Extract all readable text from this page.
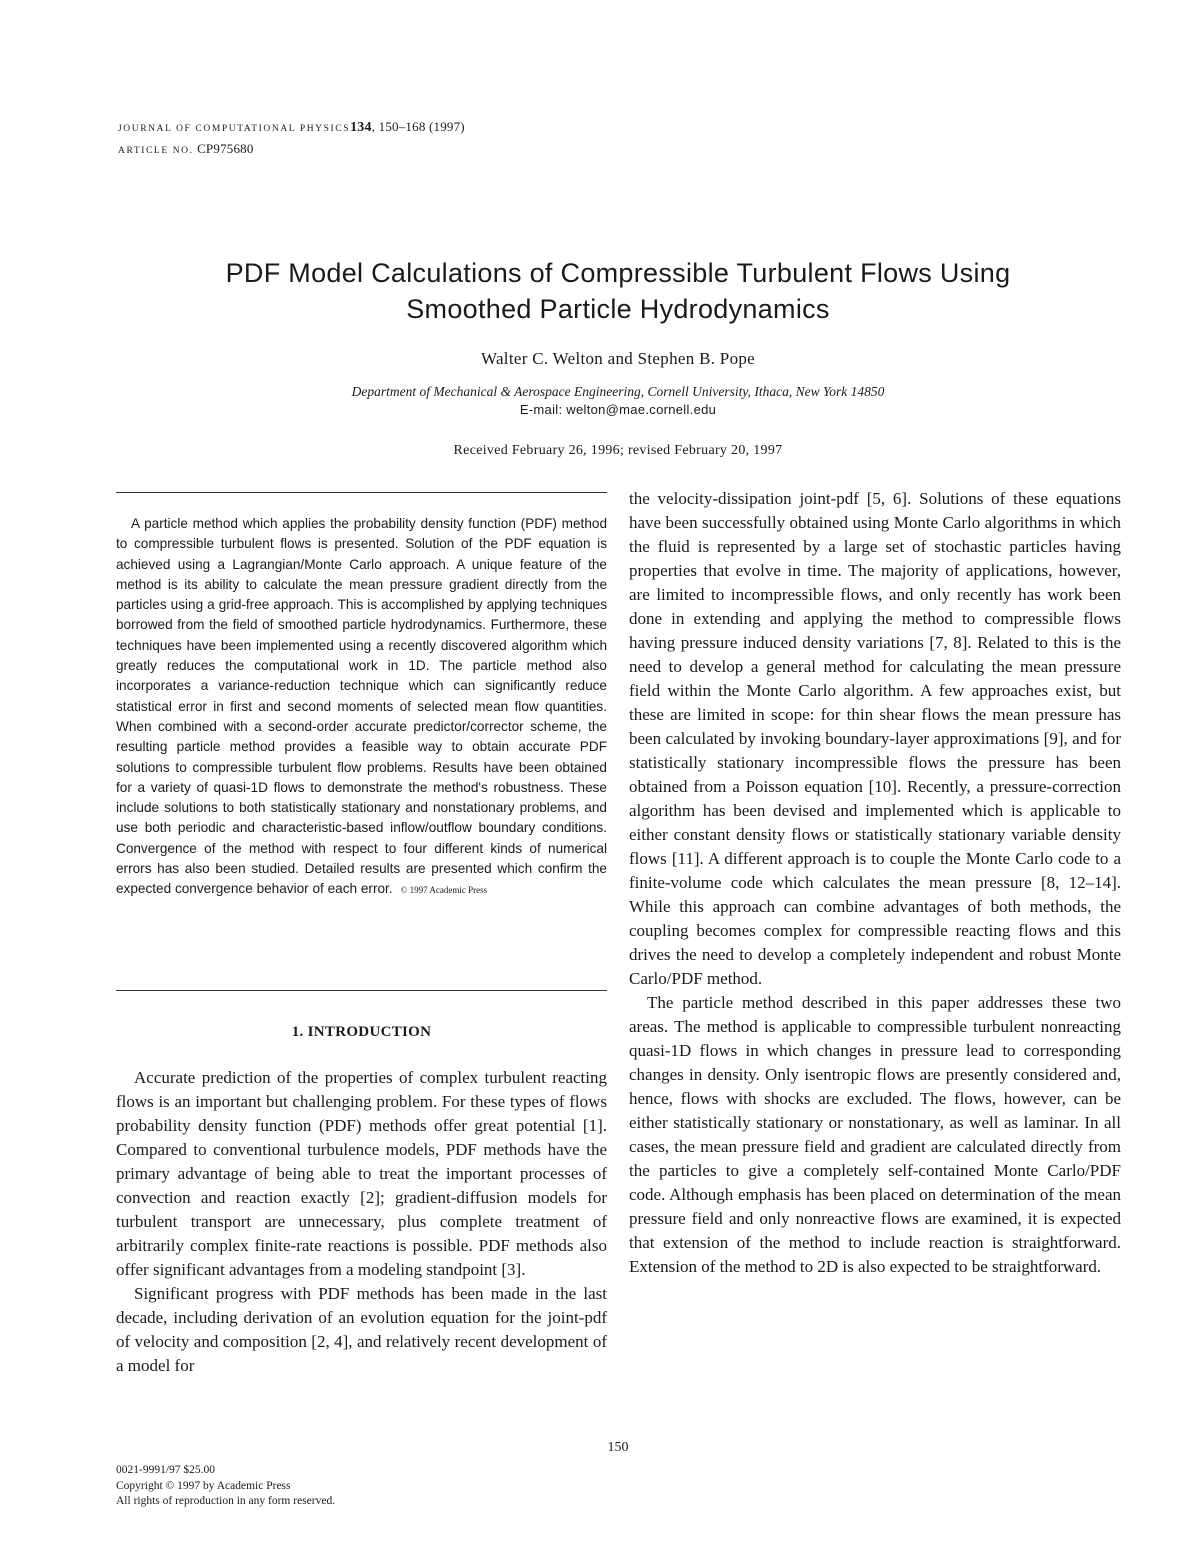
JOURNAL OF COMPUTATIONAL PHYSICS134, 150–168 (1997)
ARTICLE NO. CP975680
PDF Model Calculations of Compressible Turbulent Flows Using
Smoothed Particle Hydrodynamics
Walter C. Welton and Stephen B. Pope
Department of Mechanical & Aerospace Engineering, Cornell University, Ithaca, New York 14850
E-mail: welton@mae.cornell.edu
Received February 26, 1996; revised February 20, 1997

A particle method which applies the probability density function (PDF) method to compressible turbulent flows is presented. Solution of the PDF equation is achieved using a Lagrangian/Monte Carlo approach. A unique feature of the method is its ability to calculate the mean pressure gradient directly from the particles using a grid-free approach. This is accomplished by applying techniques borrowed from the field of smoothed particle hydrodynamics. Furthermore, these techniques have been implemented using a recently discovered algorithm which greatly reduces the computational work in 1D. The particle method also incorporates a variance-reduction technique which can significantly reduce statistical error in first and second moments of selected mean flow quantities. When combined with a second-order accurate predictor/corrector scheme, the resulting particle method provides a feasible way to obtain accurate PDF solutions to compressible turbulent flow problems. Results have been obtained for a variety of quasi-1D flows to demonstrate the method's robustness. These include solutions to both statistically stationary and nonstationary problems, and use both periodic and characteristic-based inflow/outflow boundary conditions. Convergence of the method with respect to four different kinds of numerical errors has also been studied. Detailed results are presented which confirm the expected convergence behavior of each error. © 1997 Academic Press

1. INTRODUCTION

Accurate prediction of the properties of complex turbulent reacting flows is an important but challenging problem. For these types of flows probability density function (PDF) methods offer great potential [1]. Compared to conventional turbulence models, PDF methods have the primary advantage of being able to treat the important processes of convection and reaction exactly [2]; gradient-diffusion models for turbulent transport are unnecessary, plus complete treatment of arbitrarily complex finite-rate reactions is possible. PDF methods also offer significant advantages from a modeling standpoint [3].

Significant progress with PDF methods has been made in the last decade, including derivation of an evolution equation for the joint-pdf of velocity and composition [2, 4], and relatively recent development of a model for

the velocity-dissipation joint-pdf [5, 6]. Solutions of these equations have been successfully obtained using Monte Carlo algorithms in which the fluid is represented by a large set of stochastic particles having properties that evolve in time. The majority of applications, however, are limited to incompressible flows, and only recently has work been done in extending and applying the method to compressible flows having pressure induced density variations [7, 8]. Related to this is the need to develop a general method for calculating the mean pressure field within the Monte Carlo algorithm. A few approaches exist, but these are limited in scope: for thin shear flows the mean pressure has been calculated by invoking boundary-layer approximations [9], and for statistically stationary incompressible flows the pressure has been obtained from a Poisson equation [10]. Recently, a pressure-correction algorithm has been devised and implemented which is applicable to either constant density flows or statistically stationary variable density flows [11]. A different approach is to couple the Monte Carlo code to a finite-volume code which calculates the mean pressure [8, 12–14]. While this approach can combine advantages of both methods, the coupling becomes complex for compressible reacting flows and this drives the need to develop a completely independent and robust Monte Carlo/PDF method.

The particle method described in this paper addresses these two areas. The method is applicable to compressible turbulent nonreacting quasi-1D flows in which changes in pressure lead to corresponding changes in density. Only isentropic flows are presently considered and, hence, flows with shocks are excluded. The flows, however, can be either statistically stationary or nonstationary, as well as laminar. In all cases, the mean pressure field and gradient are calculated directly from the particles to give a completely self-contained Monte Carlo/PDF code. Although emphasis has been placed on determination of the mean pressure field and only nonreactive flows are examined, it is expected that extension of the method to include reaction is straightforward. Extension of the method to 2D is also expected to be straightforward.

150
0021-9991/97 $25.00
Copyright © 1997 by Academic Press
All rights of reproduction in any form reserved.
